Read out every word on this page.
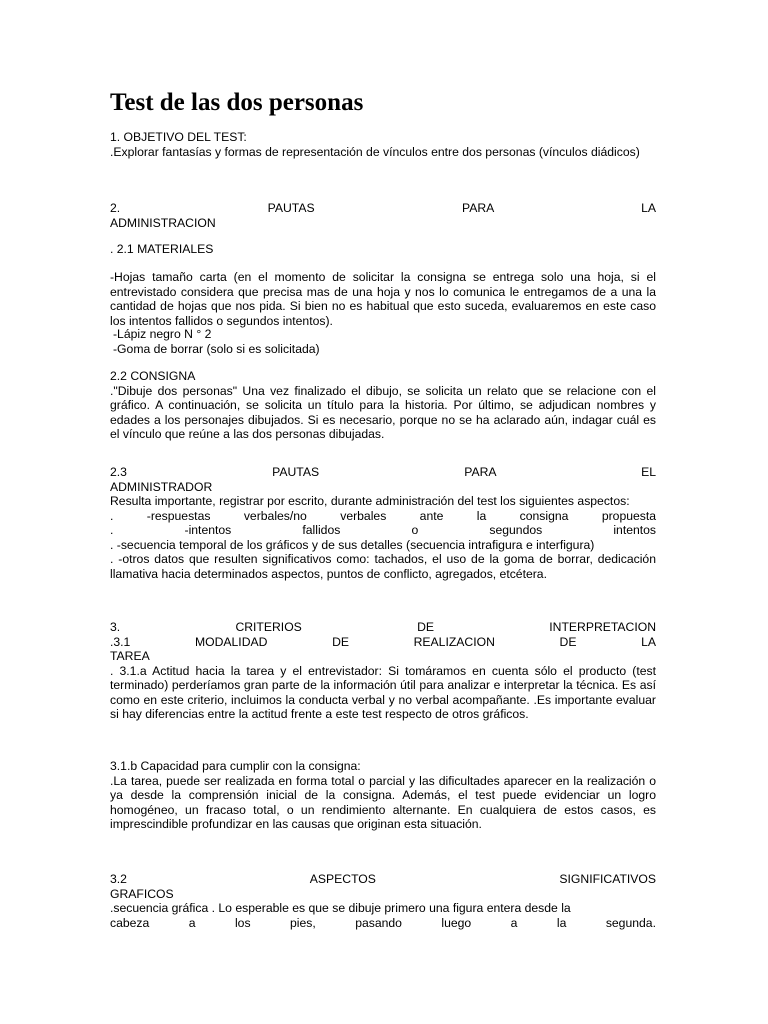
Test de las dos personas
1. OBJETIVO DEL TEST:
.Explorar fantasías y formas de representación de vínculos entre dos personas (vínculos diádicos)
2.	PAUTAS	PARA	LA
ADMINISTRACION
. 2.1 MATERIALES
-Hojas tamaño carta (en el momento de solicitar la consigna se entrega solo una hoja, si el entrevistado considera que precisa mas de una hoja y nos lo comunica le entregamos de a una la cantidad de hojas que nos pida. Si bien no es habitual que esto suceda, evaluaremos en este caso los intentos fallidos o segundos intentos).
-Lápiz negro N ° 2
-Goma de borrar (solo si es solicitada)
2.2 CONSIGNA
."Dibuje dos personas" Una vez finalizado el dibujo, se solicita un relato que se relacione con el gráfico. A continuación, se solicita un título para la historia. Por último, se adjudican nombres y edades a los personajes dibujados. Si es necesario, porque no se ha aclarado aún, indagar cuál es el vínculo que reúne a las dos personas dibujadas.
2.3	PAUTAS	PARA	EL
ADMINISTRADOR
Resulta importante, registrar por escrito, durante administración del test los siguientes aspectos:
.	-respuestas	verbales/no	verbales	ante	la	consigna	propuesta
.	-intentos	fallidos	o	segundos	intentos
. -secuencia temporal de los gráficos y de sus detalles (secuencia intrafigura e interfigura)
. -otros datos que resulten significativos como: tachados, el uso de la goma de borrar, dedicación llamativa hacia determinados aspectos, puntos de conflicto, agregados, etcétera.
3.	CRITERIOS	DE	INTERPRETACION
.3.1	MODALIDAD	DE	REALIZACION	DE	LA
TAREA
. 3.1.a Actitud hacia la tarea y el entrevistador: Si tomáramos en cuenta sólo el producto (test terminado) perderíamos gran parte de la información útil para analizar e interpretar la técnica. Es así como en este criterio, incluimos la conducta verbal y no verbal acompañante. .Es importante evaluar si hay diferencias entre la actitud frente a este test respecto de otros gráficos.
3.1.b Capacidad para cumplir con la consigna:
.La tarea, puede ser realizada en forma total o parcial y las dificultades aparecer en la realización o ya desde la comprensión inicial de la consigna. Además, el test puede evidenciar un logro homogéneo, un fracaso total, o un rendimiento alternante. En cualquiera de estos casos, es imprescindible profundizar en las causas que originan esta situación.
3.2	ASPECTOS	SIGNIFICATIVOS
GRAFICOS
.secuencia gráfica . Lo esperable es que se dibuje primero una figura entera desde la
cabeza	a	los	pies,	pasando	luego	a	la	segunda.
